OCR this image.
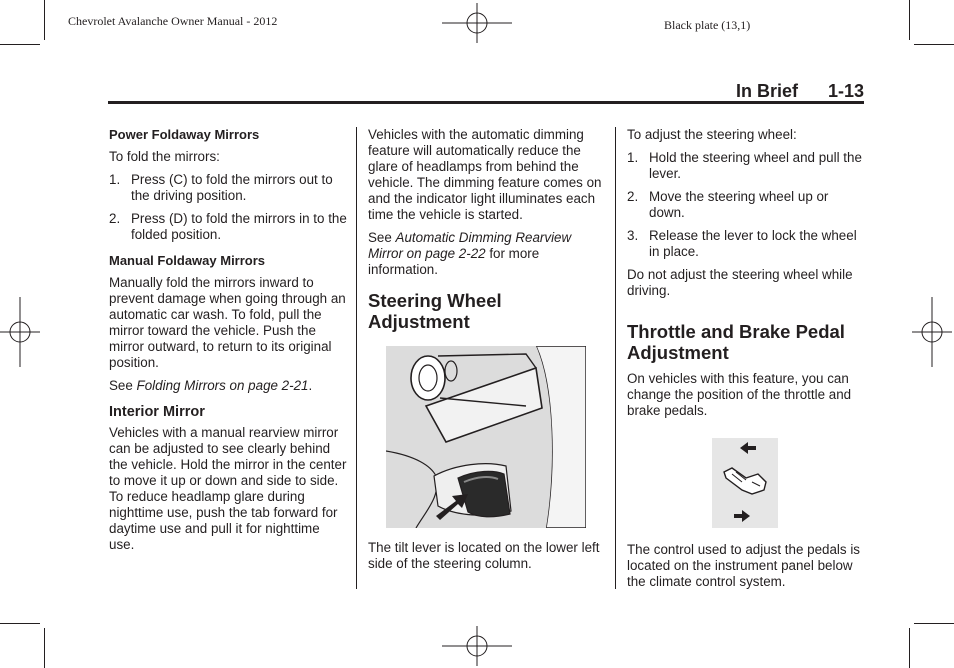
Chevrolet Avalanche Owner Manual - 2012	Black plate (13,1)
In Brief 1-13
Power Foldaway Mirrors

To fold the mirrors:

1. Press (C) to fold the mirrors out to the driving position.
2. Press (D) to fold the mirrors in to the folded position.
Manual Foldaway Mirrors

Manually fold the mirrors inward to prevent damage when going through an automatic car wash. To fold, pull the mirror toward the vehicle. Push the mirror outward, to return to its original position.

See Folding Mirrors on page 2-21.

Interior Mirror

Vehicles with a manual rearview mirror can be adjusted to see clearly behind the vehicle. Hold the mirror in the center to move it up or down and side to side. To reduce headlamp glare during nighttime use, push the tab forward for daytime use and pull it for nighttime use.

Vehicles with the automatic dimming feature will automatically reduce the glare of headlamps from behind the vehicle. The dimming feature comes on and the indicator light illuminates each time the vehicle is started.

See Automatic Dimming Rearview Mirror on page 2-22 for more information.

Steering Wheel Adjustment

The tilt lever is located on the lower left side of the steering column.

To adjust the steering wheel:

1. Hold the steering wheel and pull the lever.
2. Move the steering wheel up or down.
3. Release the lever to lock the wheel in place.

Do not adjust the steering wheel while driving.

Throttle and Brake Pedal Adjustment

On vehicles with this feature, you can change the position of the throttle and brake pedals.

The control used to adjust the pedals is located on the instrument panel below the climate control system.
